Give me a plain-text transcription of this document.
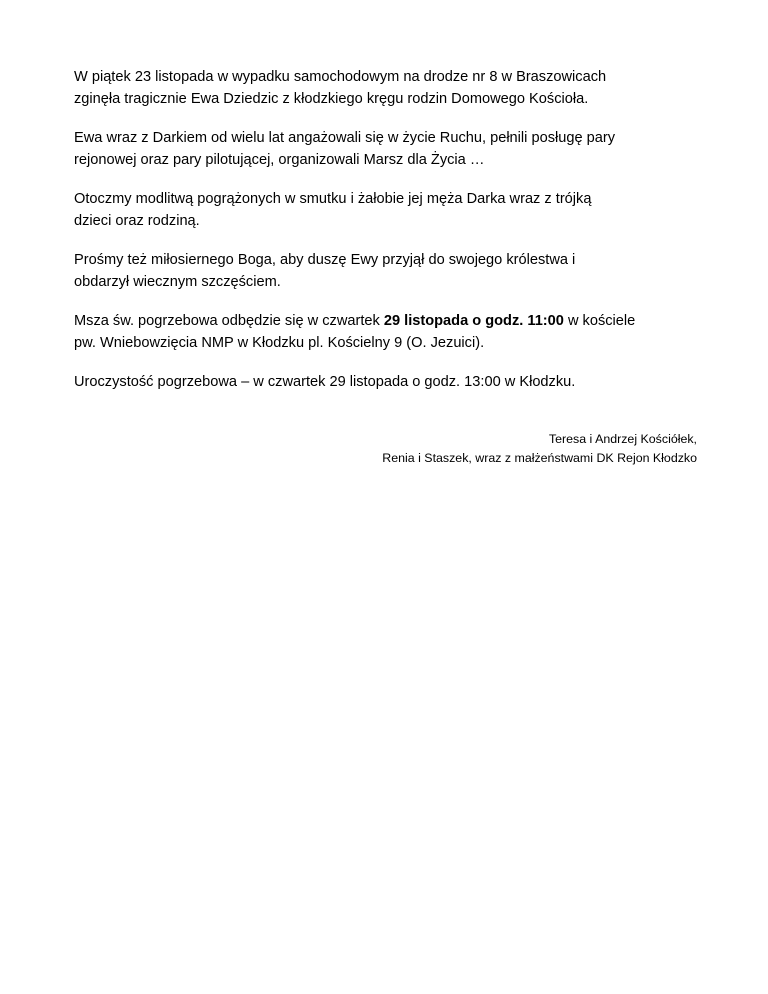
W piątek 23 listopada w wypadku samochodowym na drodze nr 8 w Braszowicach
zginęła tragicznie Ewa Dziedzic z kłodzkiego kręgu rodzin Domowego Kościoła.

Ewa wraz z Darkiem od wielu lat angażowali się w życie Ruchu, pełnili posługę pary
rejonowej oraz pary pilotującej, organizowali Marsz dla Życia …

Otoczmy modlitwą pogrążonych w smutku i żałobie jej męża Darka wraz z trójką
dzieci oraz rodziną.

Prośmy też miłosiernego Boga, aby duszę Ewy przyjął do swojego królestwa i
obdarzył wiecznym szczęściem.

Msza św. pogrzebowa odbędzie się w czwartek 29 listopada o godz. 11:00 w kościele
pw. Wniebowzięcia NMP w Kłodzku pl. Kościelny 9 (O. Jezuici).

Uroczystość pogrzebowa – w czwartek 29 listopada o godz. 13:00 w Kłodzku.

Teresa i Andrzej Kościółek,
Renia i Staszek, wraz z małżeństwami DK Rejon Kłodzko
